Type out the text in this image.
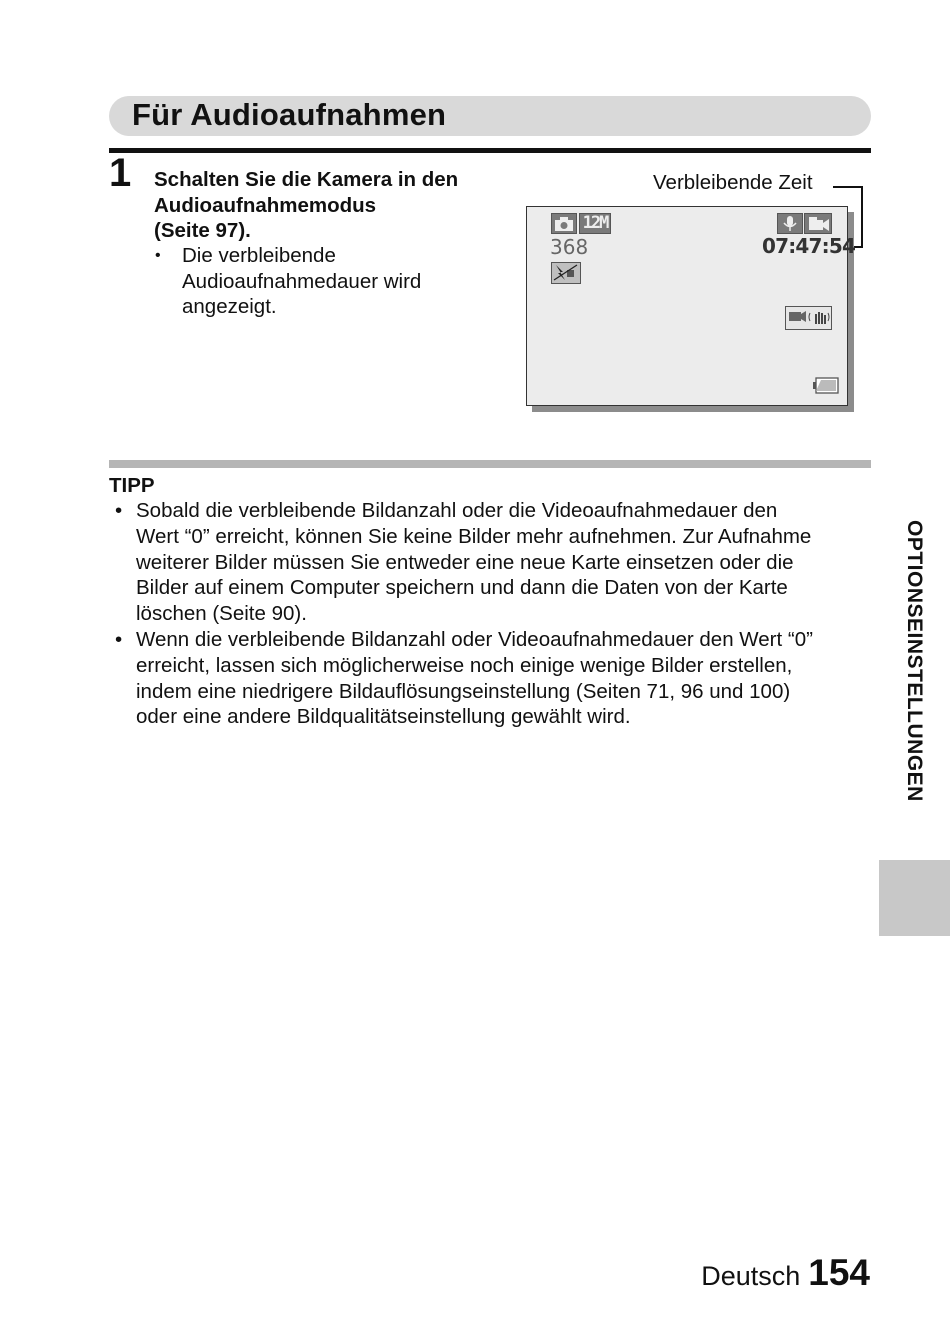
Für Audioaufnahmen
1 Schalten Sie die Kamera in den
Audioaufnahmemodus
(Seite 97).
• Die verbleibende
Audioaufnahmedauer wird
angezeigt.
Verbleibende Zeit
12M
368	07:47:54
TIPP
• Sobald die verbleibende Bildanzahl oder die Videoaufnahmedauer den
Wert “0” erreicht, können Sie keine Bilder mehr aufnehmen. Zur Aufnahme
weiterer Bilder müssen Sie entweder eine neue Karte einsetzen oder die
Bilder auf einem Computer speichern und dann die Daten von der Karte
löschen (Seite 90).
• Wenn die verbleibende Bildanzahl oder Videoaufnahmedauer den Wert “0”
erreicht, lassen sich möglicherweise noch einige wenige Bilder erstellen,
indem eine niedrigere Bildauflösungseinstellung (Seiten 71, 96 und 100)
oder eine andere Bildqualitätseinstellung gewählt wird.	OPTIONSEINSTELLUNGEN
Deutsch 154
